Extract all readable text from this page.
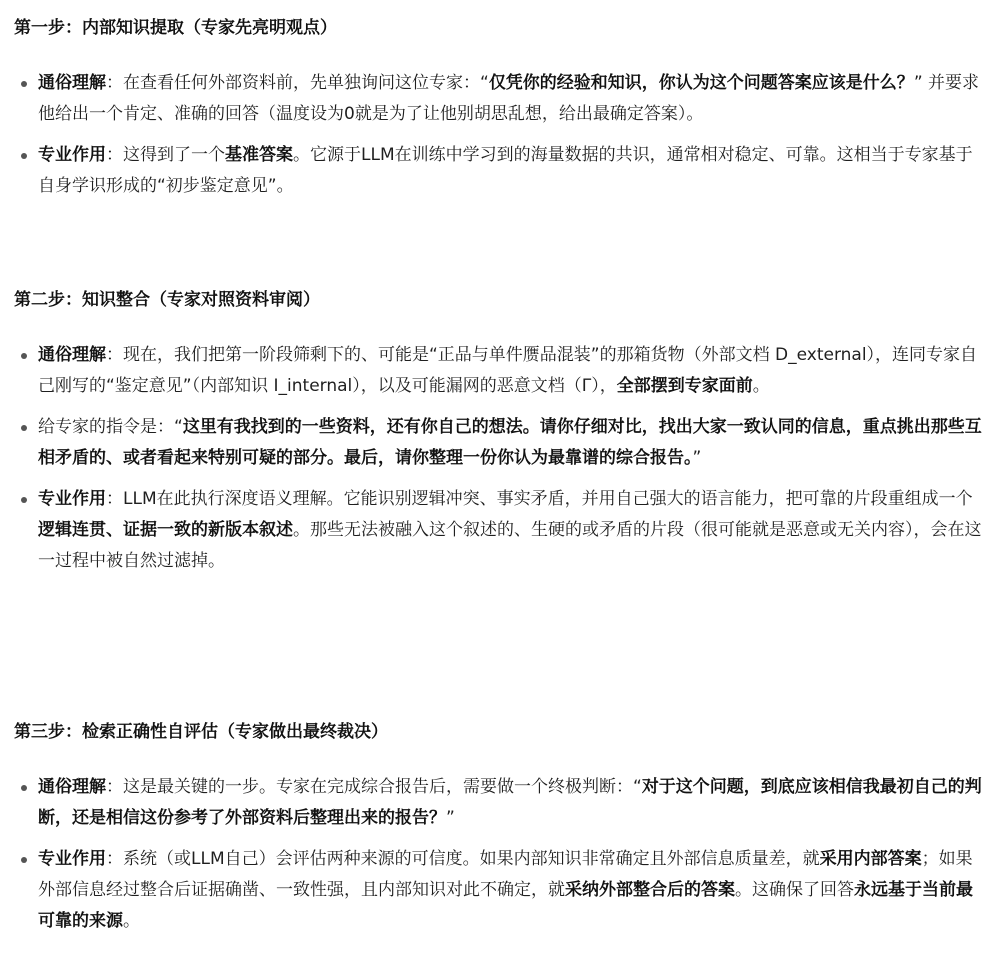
第一步：内部知识提取（专家先亮明观点）
通俗理解：在查看任何外部资料前，先单独询问这位专家：“仅凭你的经验和知识，你认为这个问题答案应该是什么？” 并要求他给出一个肯定、准确的回答（温度设为0就是为了让他别胡思乱想，给出最确定答案）。
专业作用：这得到了一个基准答案。它源于LLM在训练中学习到的海量数据的共识，通常相对稳定、可靠。这相当于专家基于自身学识形成的“初步鉴定意见”。
第二步：知识整合（专家对照资料审阅）
通俗理解：现在，我们把第一阶段筛剩下的、可能是“正品与单件赝品混装”的那箱货物（外部文档 D_external），连同专家自己刚写的“鉴定意见”（内部知识 I_internal），以及可能漏网的恶意文档（Γ），全部摆到专家面前。
给专家的指令是：“这里有我找到的一些资料，还有你自己的想法。请你仔细对比，找出大家一致认同的信息，重点挑出那些互相矛盾的、或者看起来特别可疑的部分。最后，请你整理一份你认为最靠谱的综合报告。”
专业作用：LLM在此执行深度语义理解。它能识别逻辑冲突、事实矛盾，并用自己强大的语言能力，把可靠的片段重组成一个逻辑连贯、证据一致的新版本叙述。那些无法被融入这个叙述的、生硬的或矛盾的片段（很可能就是恶意或无关内容），会在这一过程中被自然过滤掉。
第三步：检索正确性自评估（专家做出最终裁决）
通俗理解：这是最关键的一步。专家在完成综合报告后，需要做一个终极判断：“对于这个问题，到底应该相信我最初自己的判断，还是相信这份参考了外部资料后整理出来的报告？”
专业作用：系统（或LLM自己）会评估两种来源的可信度。如果内部知识非常确定且外部信息质量差，就采用内部答案；如果外部信息经过整合后证据确凿、一致性强，且内部知识对此不确定，就采纳外部整合后的答案。这确保了回答永远基于当前最可靠的来源。
